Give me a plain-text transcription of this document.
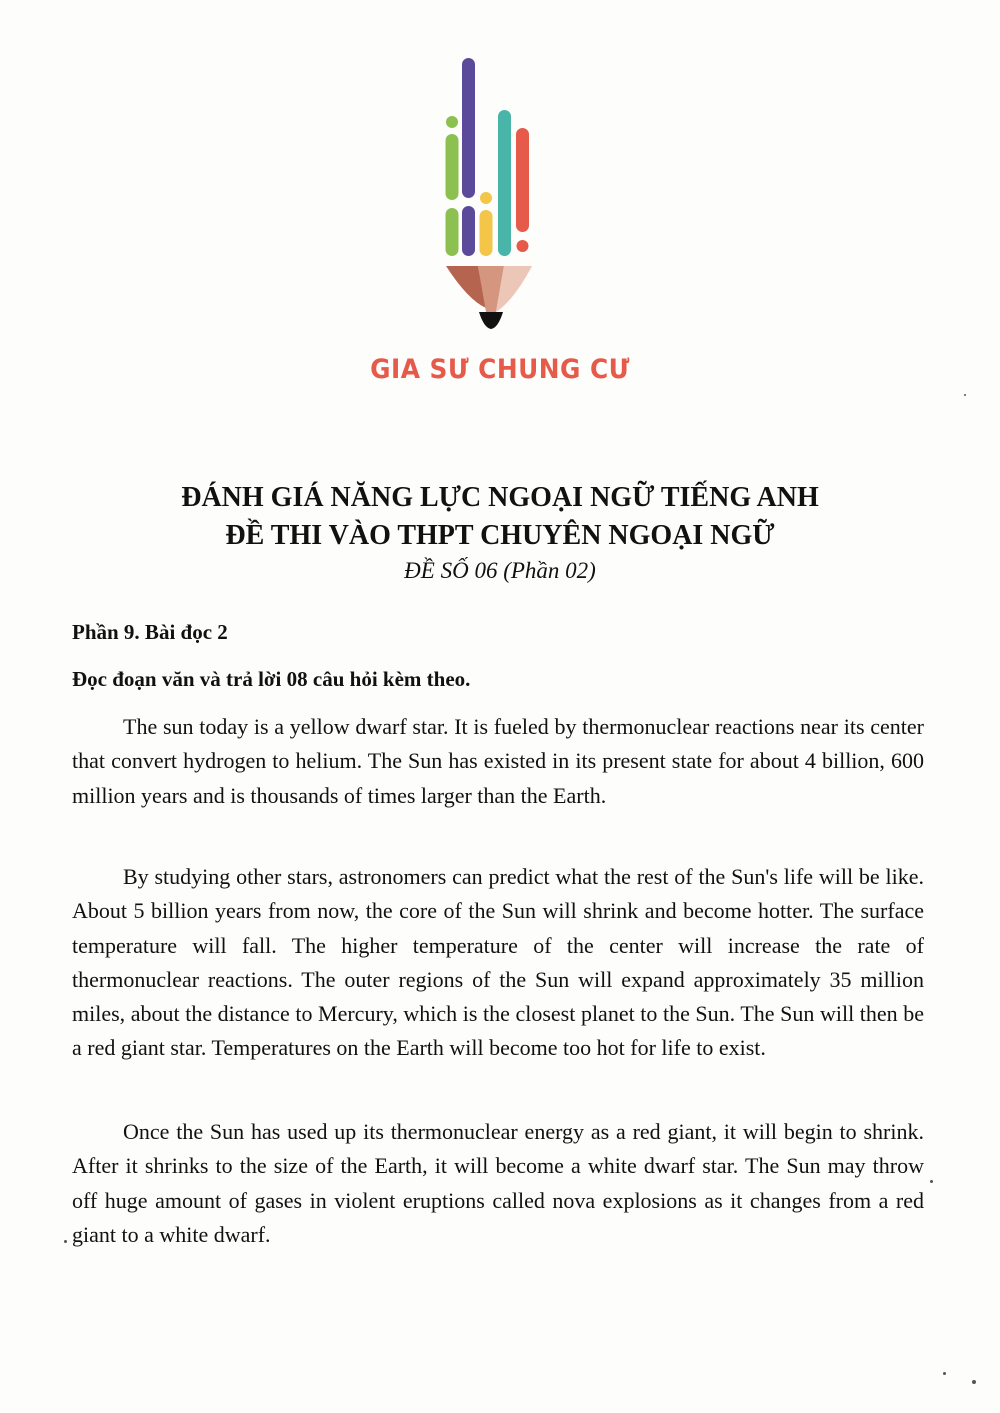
GIA SƯ CHUNG CƯ
ĐÁNH GIÁ NĂNG LỰC NGOẠI NGỮ TIẾNG ANH
ĐỀ THI VÀO THPT CHUYÊN NGOẠI NGỮ
ĐỀ SỐ 06 (Phần 02)
Phần 9. Bài đọc 2
Đọc đoạn văn và trả lời 08 câu hỏi kèm theo.

The sun today is a yellow dwarf star. It is fueled by thermonuclear reactions near its center that convert hydrogen to helium. The Sun has existed in its present state for about 4 billion, 600 million years and is thousands of times larger than the Earth.

By studying other stars, astronomers can predict what the rest of the Sun's life will be like. About 5 billion years from now, the core of the Sun will shrink and become hotter. The surface temperature will fall. The higher temperature of the center will increase the rate of thermonuclear reactions. The outer regions of the Sun will expand approximately 35 million miles, about the distance to Mercury, which is the closest planet to the Sun. The Sun will then be a red giant star. Temperatures on the Earth will become too hot for life to exist.

Once the Sun has used up its thermonuclear energy as a red giant, it will begin to shrink. After it shrinks to the size of the Earth, it will become a white dwarf star. The Sun may throw off huge amount of gases in violent eruptions called nova explosions as it changes from a red giant to a white dwarf.
